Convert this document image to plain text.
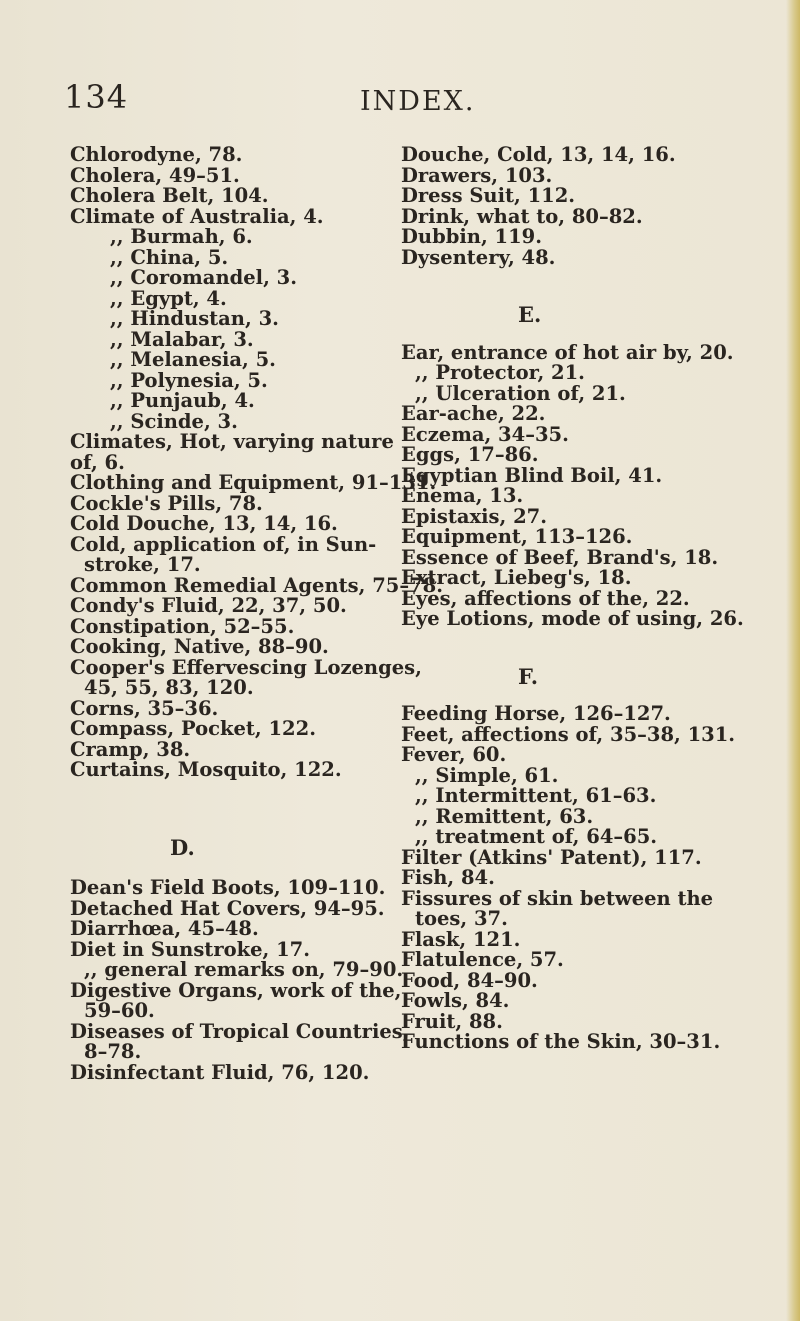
134	INDEX.
Chlorodyne, 78.
Cholera, 49–51.
Cholera Belt, 104.
Climate of Australia, 4.
,, Burmah, 6.
,, China, 5.
,, Coromandel, 3.
,, Egypt, 4.
,, Hindustan, 3.
,, Malabar, 3.
,, Melanesia, 5.
,, Polynesia, 5.
,, Punjaub, 4.
,, Scinde, 3.
Climates, Hot, varying nature
of, 6.
Clothing and Equipment, 91–131.
Cockle's Pills, 78.
Cold Douche, 13, 14, 16.
Cold, application of, in Sun-
stroke, 17.
Common Remedial Agents, 75–78.
Condy's Fluid, 22, 37, 50.
Constipation, 52–55.
Cooking, Native, 88–90.
Cooper's Effervescing Lozenges,
45, 55, 83, 120.
Corns, 35–36.
Compass, Pocket, 122.
Cramp, 38.
Curtains, Mosquito, 122.
D.
Dean's Field Boots, 109–110.
Detached Hat Covers, 94–95.
Diarrhœa, 45–48.
Diet in Sunstroke, 17.
,, general remarks on, 79–90.
Digestive Organs, work of the,
59–60.
Diseases of Tropical Countries,
8–78.
Disinfectant Fluid, 76, 120.
Douche, Cold, 13, 14, 16.
Drawers, 103.
Dress Suit, 112.
Drink, what to, 80–82.
Dubbin, 119.
Dysentery, 48.
E.
Ear, entrance of hot air by, 20.
,, Protector, 21.
,, Ulceration of, 21.
Ear-ache, 22.
Eczema, 34–35.
Eggs, 17–86.
Egyptian Blind Boil, 41.
Enema, 13.
Epistaxis, 27.
Equipment, 113–126.
Essence of Beef, Brand's, 18.
Extract, Liebeg's, 18.
Eyes, affections of the, 22.
Eye Lotions, mode of using, 26.
F.
Feeding Horse, 126–127.
Feet, affections of, 35–38, 131.
Fever, 60.
,, Simple, 61.
,, Intermittent, 61–63.
,, Remittent, 63.
,, treatment of, 64–65.
Filter (Atkins' Patent), 117.
Fish, 84.
Fissures of skin between the
toes, 37.
Flask, 121.
Flatulence, 57.
Food, 84–90.
Fowls, 84.
Fruit, 88.
Functions of the Skin, 30–31.
